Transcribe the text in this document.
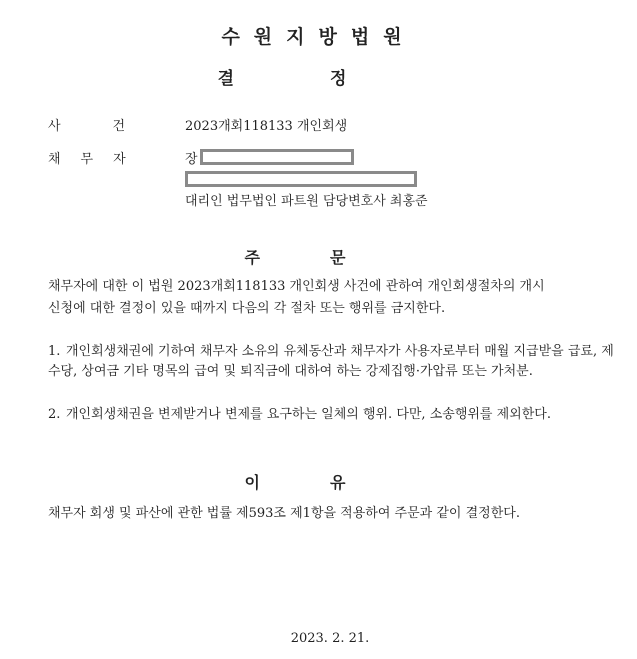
수원지방법원
결정
사건 2023개회118133 개인회생
채무자	장
대리인 법무법인 파트원 담당변호사 최홍준
주문
채무자에 대한 이 법원 2023개회118133 개인회생 사건에 관하여 개인회생절차의 개시
신청에 대한 결정이 있을 때까지 다음의 각 절차 또는 행위를 금지한다.
1. 개인회생채권에 기하여 채무자 소유의 유체동산과 채무자가 사용자로부터 매월 지급받을 급료, 제수당, 상여금 기타 명목의 급여 및 퇴직금에 대하여 하는 강제집행·가압류 또는 가처분.
2. 개인회생채권을 변제받거나 변제를 요구하는 일체의 행위. 다만, 소송행위를 제외한다.
이유
채무자 회생 및 파산에 관한 법률 제593조 제1항을 적용하여 주문과 같이 결정한다.
2023. 2. 21.
